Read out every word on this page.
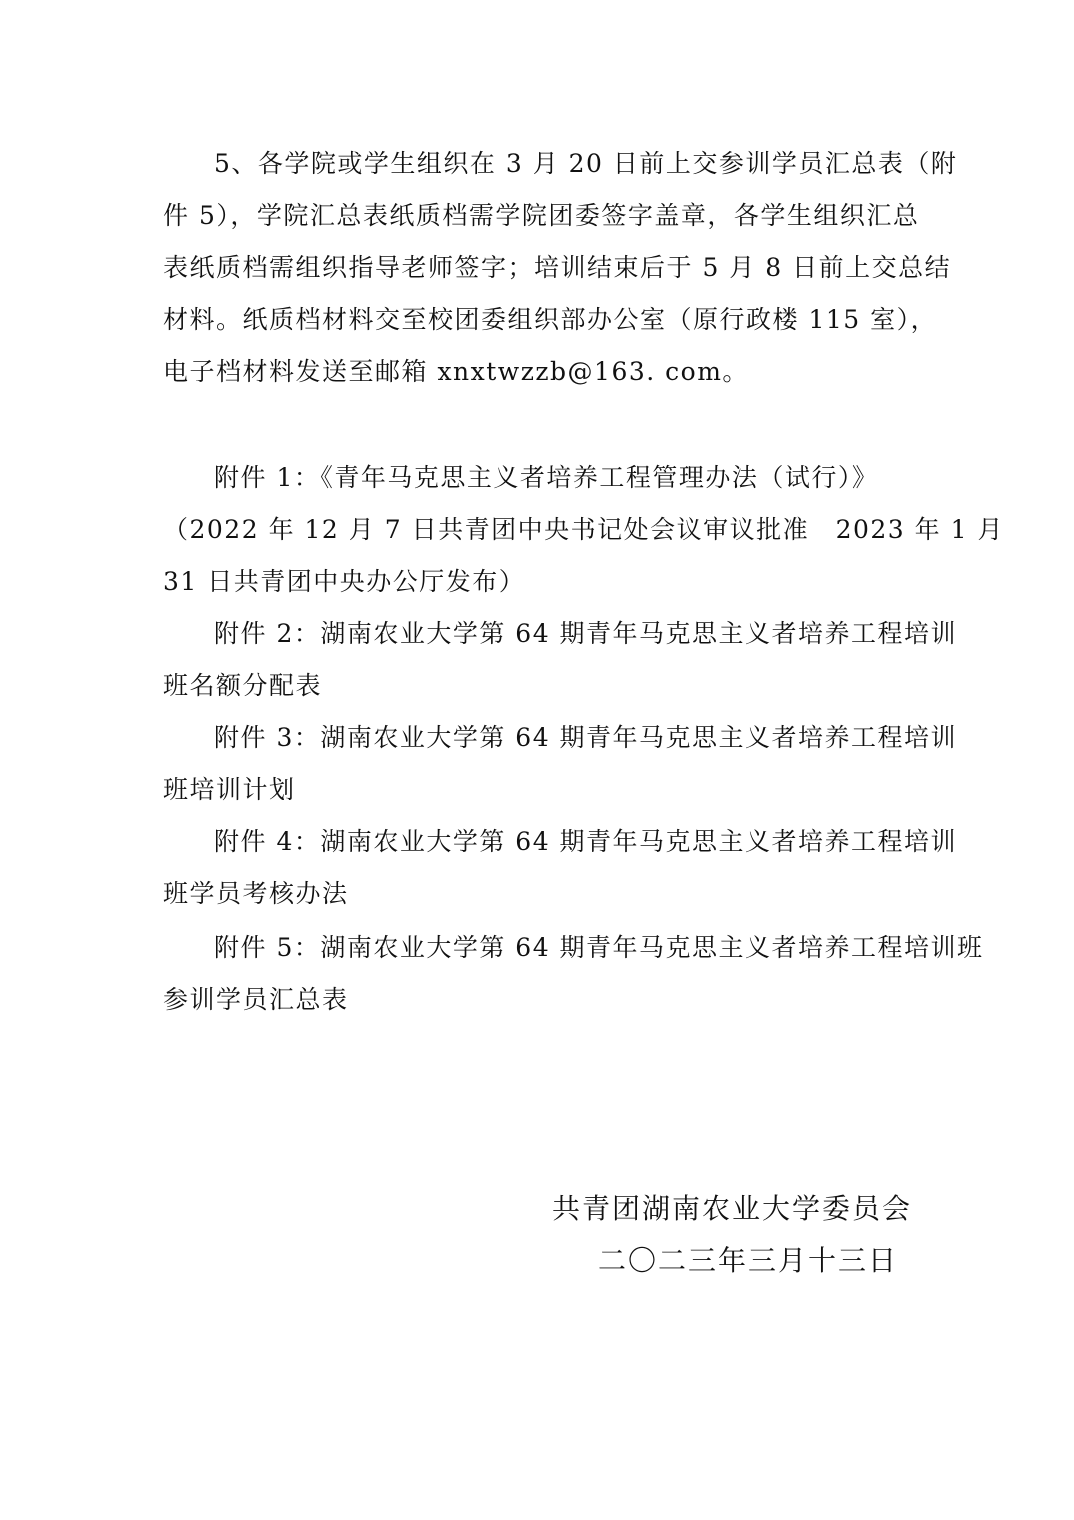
5、各学院或学生组织在 3 月 20 日前上交参训学员汇总表（附
件 5），学院汇总表纸质档需学院团委签字盖章，各学生组织汇总
表纸质档需组织指导老师签字；培训结束后于 5 月 8 日前上交总结
材料。纸质档材料交至校团委组织部办公室（原行政楼 115 室），
电子档材料发送至邮箱 xnxtwzzb@163. com。
附件 1：《青年马克思主义者培养工程管理办法（试行）》
（2022 年 12 月 7 日共青团中央书记处会议审议批准　2023 年 1 月
31 日共青团中央办公厅发布）
附件 2：湖南农业大学第 64 期青年马克思主义者培养工程培训
班名额分配表
附件 3：湖南农业大学第 64 期青年马克思主义者培养工程培训
班培训计划
附件 4：湖南农业大学第 64 期青年马克思主义者培养工程培训
班学员考核办法
附件 5：湖南农业大学第 64 期青年马克思主义者培养工程培训班
参训学员汇总表
共青团湖南农业大学委员会
二〇二三年三月十三日
